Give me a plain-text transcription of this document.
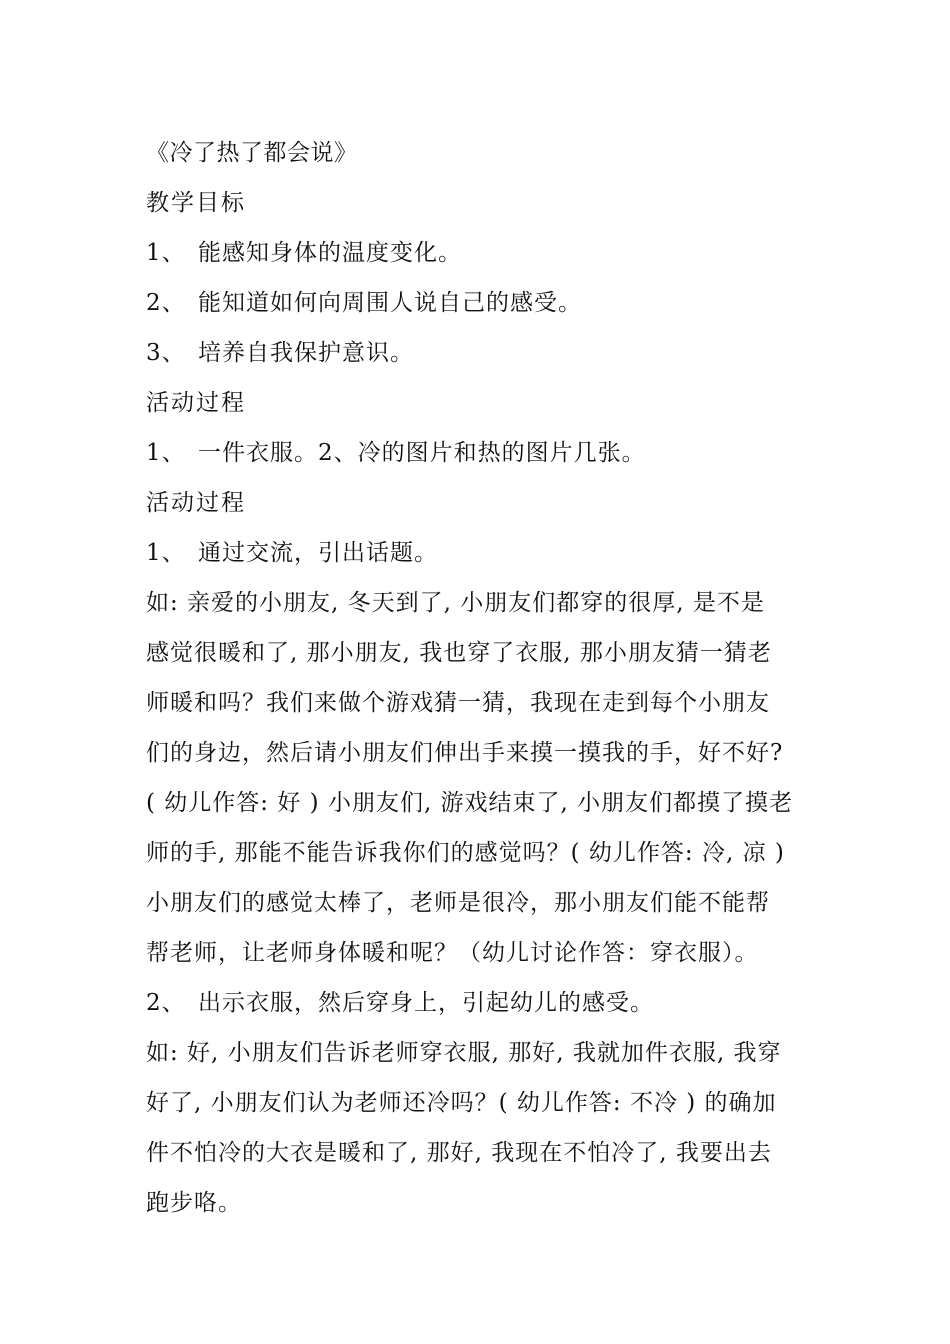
《冷了热了都会说》
教学目标
1、 能感知身体的温度变化。
2、 能知道如何向周围人说自己的感受。
3、 培养自我保护意识。
活动过程
1、 一件衣服。2、冷的图片和热的图片几张。
活动过程
1、 通过交流，引出话题。
如: 亲爱的小朋友, 冬天到了, 小朋友们都穿的很厚, 是不是
感觉很暖和了, 那小朋友, 我也穿了衣服, 那小朋友猜一猜老
师暖和吗？我们来做个游戏猜一猜，我现在走到每个小朋友
们的身边，然后请小朋友们伸出手来摸一摸我的手，好不好?
( 幼儿作答: 好 ) 小朋友们, 游戏结束了, 小朋友们都摸了摸老
师的手, 那能不能告诉我你们的感觉吗？( 幼儿作答: 冷, 凉 )
小朋友们的感觉太棒了，老师是很冷，那小朋友们能不能帮
帮老师，让老师身体暖和呢？（幼儿讨论作答：穿衣服）。
2、 出示衣服，然后穿身上，引起幼儿的感受。
如: 好, 小朋友们告诉老师穿衣服, 那好, 我就加件衣服, 我穿
好了, 小朋友们认为老师还冷吗？( 幼儿作答: 不冷 ) 的确加
件不怕冷的大衣是暖和了, 那好, 我现在不怕冷了, 我要出去
跑步咯。
